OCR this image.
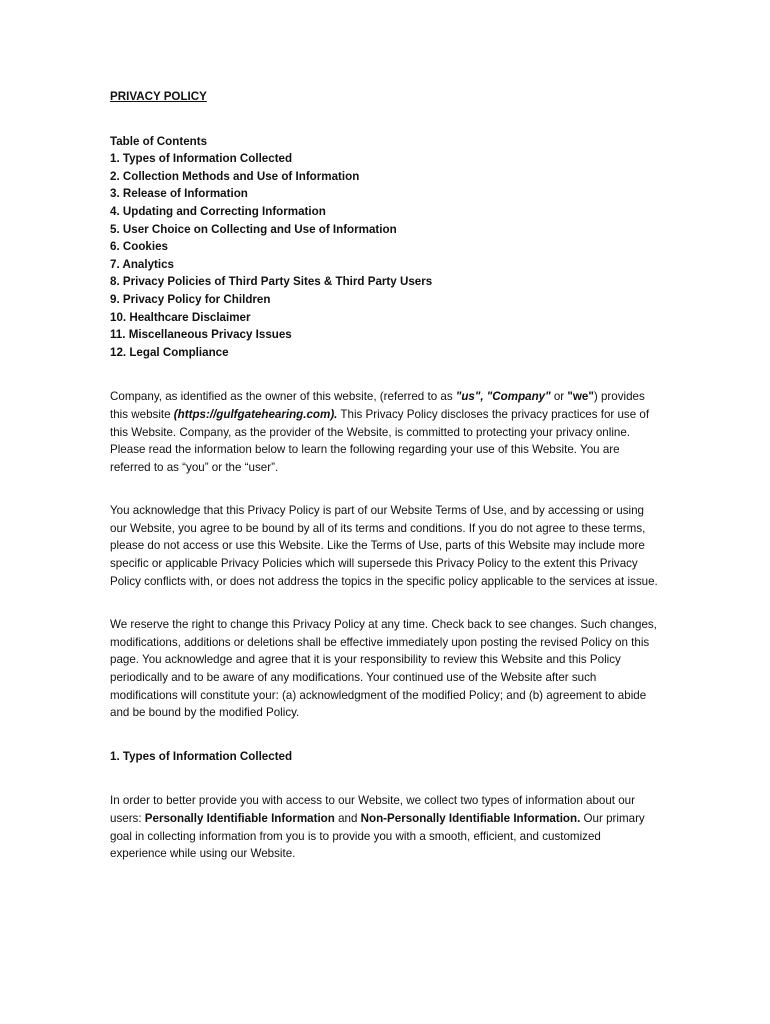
PRIVACY POLICY
Table of Contents
1. Types of Information Collected
2. Collection Methods and Use of Information
3. Release of Information
4. Updating and Correcting Information
5. User Choice on Collecting and Use of Information
6. Cookies
7. Analytics
8. Privacy Policies of Third Party Sites & Third Party Users
9. Privacy Policy for Children
10. Healthcare Disclaimer
11. Miscellaneous Privacy Issues
12. Legal Compliance

Company, as identified as the owner of this website, (referred to as "us", "Company" or "we") provides this website (https://gulfgatehearing.com). This Privacy Policy discloses the privacy practices for use of this Website. Company, as the provider of the Website, is committed to protecting your privacy online. Please read the information below to learn the following regarding your use of this Website. You are referred to as “you” or the “user”.

You acknowledge that this Privacy Policy is part of our Website Terms of Use, and by accessing or using our Website, you agree to be bound by all of its terms and conditions. If you do not agree to these terms, please do not access or use this Website. Like the Terms of Use, parts of this Website may include more specific or applicable Privacy Policies which will supersede this Privacy Policy to the extent this Privacy Policy conflicts with, or does not address the topics in the specific policy applicable to the services at issue.

We reserve the right to change this Privacy Policy at any time. Check back to see changes. Such changes, modifications, additions or deletions shall be effective immediately upon posting the revised Policy on this page. You acknowledge and agree that it is your responsibility to review this Website and this Policy periodically and to be aware of any modifications. Your continued use of the Website after such modifications will constitute your: (a) acknowledgment of the modified Policy; and (b) agreement to abide and be bound by the modified Policy.

1. Types of Information Collected

In order to better provide you with access to our Website, we collect two types of information about our users: Personally Identifiable Information and Non-Personally Identifiable Information. Our primary goal in collecting information from you is to provide you with a smooth, efficient, and customized experience while using our Website.
